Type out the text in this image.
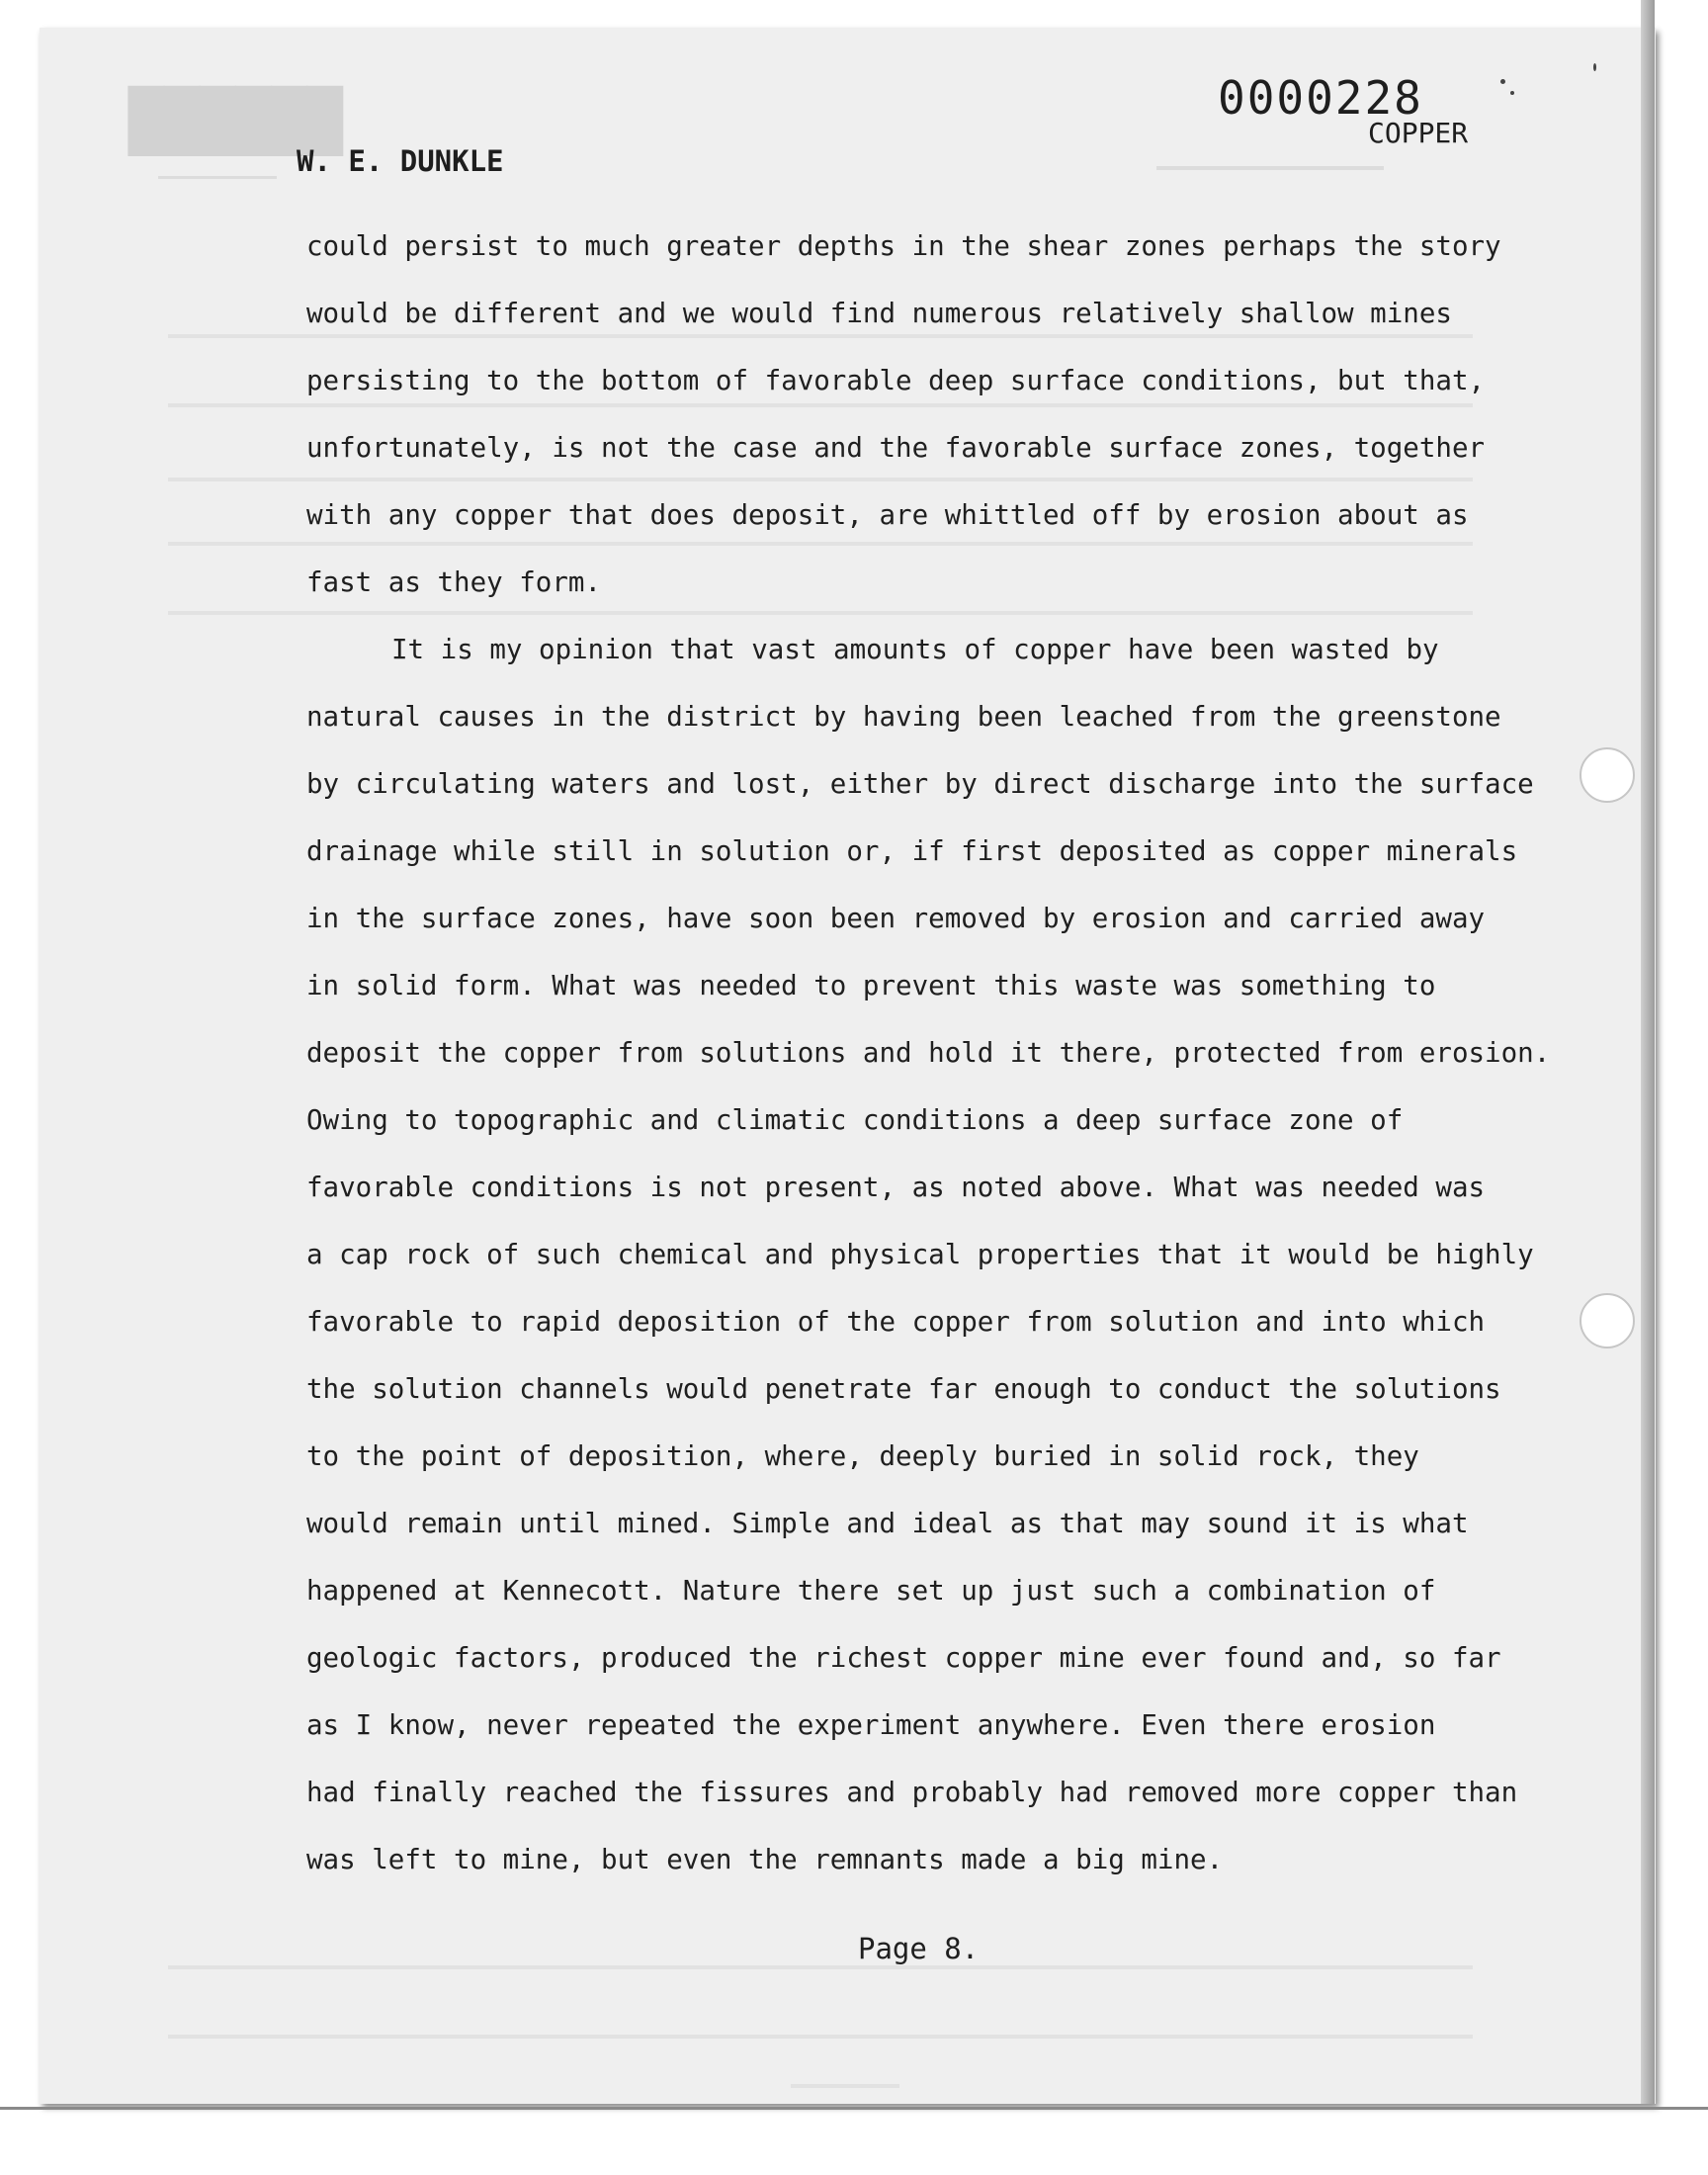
██████	0000228
COPPER
W. E. DUNKLE
could persist to much greater depths in the shear zones perhaps the story
would be different and we would find numerous relatively shallow mines
persisting to the bottom of favorable deep surface conditions, but that,
unfortunately, is not the case and the favorable surface zones, together
with any copper that does deposit, are whittled off by erosion about as
fast as they form.
It is my opinion that vast amounts of copper have been wasted by
natural causes in the district by having been leached from the greenstone
by circulating waters and lost, either by direct discharge into the surface
drainage while still in solution or, if first deposited as copper minerals
in the surface zones, have soon been removed by erosion and carried away
in solid form. What was needed to prevent this waste was something to
deposit the copper from solutions and hold it there, protected from erosion.
Owing to topographic and climatic conditions a deep surface zone of
favorable conditions is not present, as noted above. What was needed was
a cap rock of such chemical and physical properties that it would be highly
favorable to rapid deposition of the copper from solution and into which
the solution channels would penetrate far enough to conduct the solutions
to the point of deposition, where, deeply buried in solid rock, they
would remain until mined. Simple and ideal as that may sound it is what
happened at Kennecott. Nature there set up just such a combination of
geologic factors, produced the richest copper mine ever found and, so far
as I know, never repeated the experiment anywhere. Even there erosion
had finally reached the fissures and probably had removed more copper than
was left to mine, but even the remnants made a big mine.
Page 8.
